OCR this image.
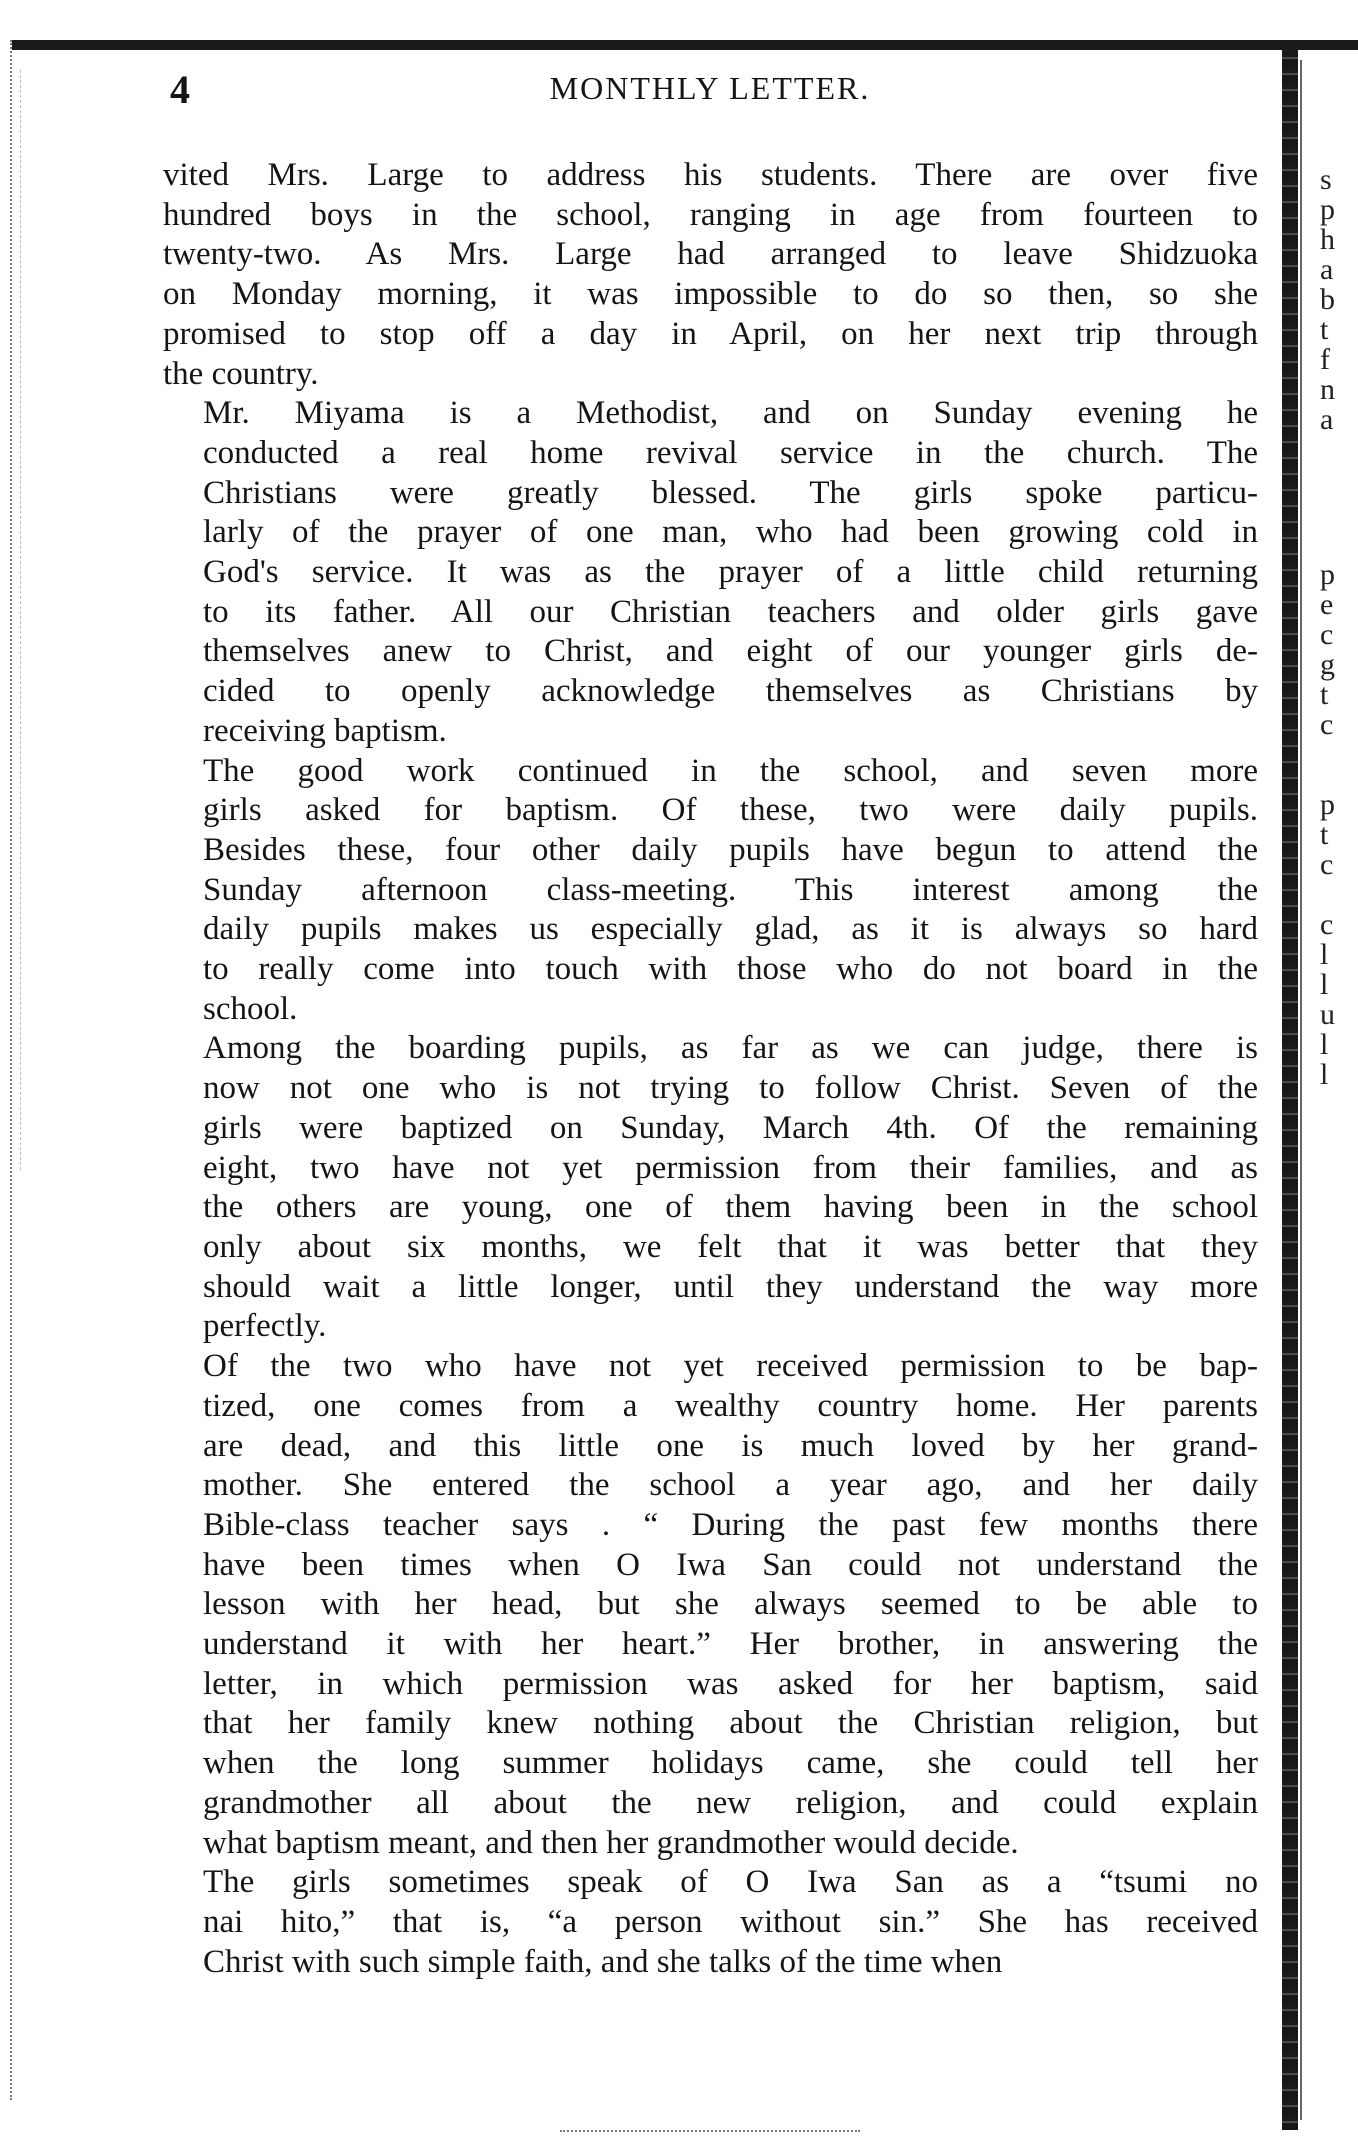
4	MONTHLY LETTER.

vited Mrs. Large to address his students. There are over five
hundred boys in the school, ranging in age from fourteen to
twenty-two. As Mrs. Large had arranged to leave Shidzuoka
on Monday morning, it was impossible to do so then, so she
promised to stop off a day in April, on her next trip through
the country.

Mr. Miyama is a Methodist, and on Sunday evening he
conducted a real home revival service in the church. The
Christians were greatly blessed. The girls spoke particu-
larly of the prayer of one man, who had been growing cold in
God's service. It was as the prayer of a little child returning
to its father. All our Christian teachers and older girls gave
themselves anew to Christ, and eight of our younger girls de-
cided to openly acknowledge themselves as Christians by
receiving baptism.

The good work continued in the school, and seven more
girls asked for baptism. Of these, two were daily pupils.
Besides these, four other daily pupils have begun to attend the
Sunday afternoon class-meeting. This interest among the
daily pupils makes us especially glad, as it is always so hard
to really come into touch with those who do not board in the
school.

Among the boarding pupils, as far as we can judge, there is
now not one who is not trying to follow Christ. Seven of the
girls were baptized on Sunday, March 4th. Of the remaining
eight, two have not yet permission from their families, and as
the others are young, one of them having been in the school
only about six months, we felt that it was better that they
should wait a little longer, until they understand the way more
perfectly.

Of the two who have not yet received permission to be bap-
tized, one comes from a wealthy country home. Her parents
are dead, and this little one is much loved by her grand-
mother. She entered the school a year ago, and her daily
Bible-class teacher says . “ During the past few months there
have been times when O Iwa San could not understand the
lesson with her head, but she always seemed to be able to
understand it with her heart.” Her brother, in answering the
letter, in which permission was asked for her baptism, said
that her family knew nothing about the Christian religion, but
when the long summer holidays came, she could tell her
grandmother all about the new religion, and could explain
what baptism meant, and then her grandmother would decide.

The girls sometimes speak of O Iwa San as a “tsumi no
nai hito,” that is, “a person without sin.” She has received
Christ with such simple faith, and she talks of the time when

s
p
h
a
b
t
f
n
a
p
e
c
g
t
c
p
t
c
c
l
l
u
l
l
